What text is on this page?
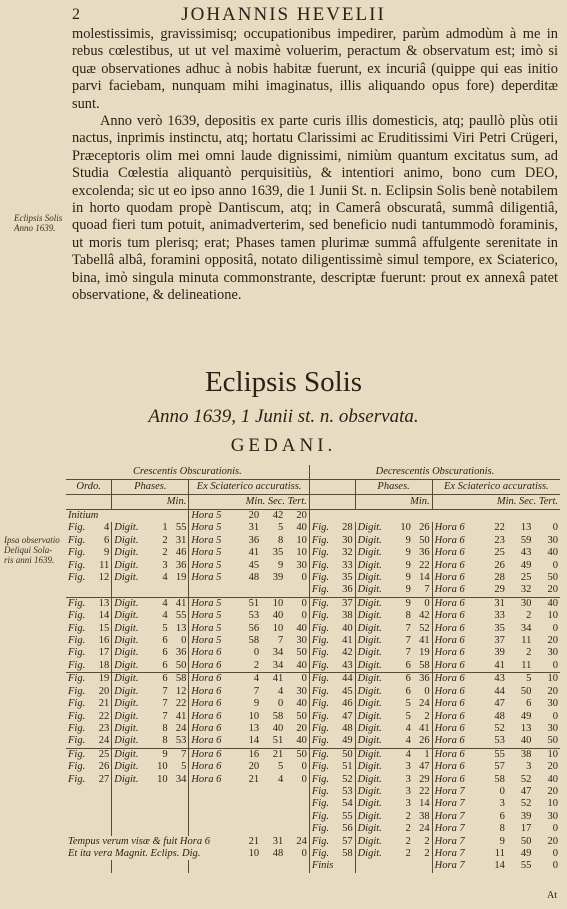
2	JOHANNIS HEVELII

molestissimis, gravissimisq; occupationibus impedirer, parùm admodùm à me in rebus cœlestibus, ut ut vel maximè voluerim, peractum & observatum est; imò si quæ observationes adhuc à nobis habitæ fuerunt, ex incuriâ (quippe qui eas initio parvi faciebam, nunquam mihi imaginatus, illis aliquando opus fore) deperditæ sunt.

Anno verò 1639, depositis ex parte curis illis domesticis, atq; paullò plùs otii nactus, inprimis instinctu, atq; hortatu Clarissimi ac Eruditissimi Viri Petri Crügeri, Præceptoris olim mei omni laude dignissimi, nimiùm quantum excitatus sum, ad Studia Cœlestia aliquantò perquisitiùs, & intentiori animo, bono cum DEO, excolenda; sic ut eo ipso anno 1639, die 1 Junii St. n. Eclipsin Solis benè notabilem in horto quodam propè Dantiscum, atq; in Camerâ obscuratâ, summâ diligentiâ, quoad fieri tum potuit, animadverterim, sed beneficio nudi tantummodò foraminis, ut moris tum plerisq; erat; Phases tamen plurimæ summâ affulgente serenitate in Tabellâ albâ, foramini oppositâ, notato diligentissimè simul tempore, ex Sciaterico, bina, imò singula minuta commonstrante, descriptæ fuerunt: prout ex annexâ patet observatione, & delineatione.

Eclipsis Solis
Anno 1639.
Eclipsis Solis
Anno 1639, 1 Junii st. n. observata.
GEDANI.
Ipsa observatio
Deliqui Sola-
ris anni 1639.
Crescentis Obscurationis.									Decrescentis Obscurationis.								
Ordo.		Phases.			Ex Sciaterico accuratiss.						Phases.			Ex Sciaterico accuratiss.			
		Min.			Min. Sec. Tert.						Min.			Min. Sec. Tert.			
Initium					Hora 5	20	42	20									
Fig.	4	Digit.	1	55	Hora 5	31	5	40	Fig.	28	Digit.	10	26	Hora 6	22	13	0
Fig.	6	Digit.	2	31	Hora 5	36	8	10	Fig.	30	Digit.	9	50	Hora 6	23	59	30
Fig.	9	Digit.	2	46	Hora 5	41	35	10	Fig.	32	Digit.	9	36	Hora 6	25	43	40
Fig.	11	Digit.	3	36	Hora 5	45	9	30	Fig.	33	Digit.	9	22	Hora 6	26	49	0
Fig.	12	Digit.	4	19	Hora 5	48	39	0	Fig.	35	Digit.	9	14	Hora 6	28	25	50
									Fig.	36	Digit.	9	7	Hora 6	29	32	20
Fig.	13	Digit.	4	41	Hora 5	51	10	0	Fig.	37	Digit.	9	0	Hora 6	31	30	40
Fig.	14	Digit.	4	55	Hora 5	53	40	0	Fig.	38	Digit.	8	42	Hora 6	33	2	10
Fig.	15	Digit.	5	13	Hora 5	56	10	40	Fig.	40	Digit.	7	52	Hora 6	35	34	0
Fig.	16	Digit.	6	0	Hora 5	58	7	30	Fig.	41	Digit.	7	41	Hora 6	37	11	20
Fig.	17	Digit.	6	36	Hora 6	0	34	50	Fig.	42	Digit.	7	19	Hora 6	39	2	30
Fig.	18	Digit.	6	50	Hora 6	2	34	40	Fig.	43	Digit.	6	58	Hora 6	41	11	0
Fig.	19	Digit.	6	58	Hora 6	4	41	0	Fig.	44	Digit.	6	36	Hora 6	43	5	10
Fig.	20	Digit.	7	12	Hora 6	7	4	30	Fig.	45	Digit.	6	0	Hora 6	44	50	20
Fig.	21	Digit.	7	22	Hora 6	9	0	40	Fig.	46	Digit.	5	24	Hora 6	47	6	30
Fig.	22	Digit.	7	41	Hora 6	10	58	50	Fig.	47	Digit.	5	2	Hora 6	48	49	0
Fig.	23	Digit.	8	24	Hora 6	13	40	20	Fig.	48	Digit.	4	41	Hora 6	52	13	30
Fig.	24	Digit.	8	53	Hora 6	14	51	40	Fig.	49	Digit.	4	26	Hora 6	53	40	50
Fig.	25	Digit.	9	7	Hora 6	16	21	50	Fig.	50	Digit.	4	1	Hora 6	55	38	10
Fig.	26	Digit.	10	5	Hora 6	20	5	0	Fig.	51	Digit.	3	47	Hora 6	57	3	20
Fig.	27	Digit.	10	34	Hora 6	21	4	0	Fig.	52	Digit.	3	29	Hora 6	58	52	40
									Fig.	53	Digit.	3	22	Hora 7	0	47	20
									Fig.	54	Digit.	3	14	Hora 7	3	52	10
									Fig.	55	Digit.	2	38	Hora 7	6	39	30
									Fig.	56	Digit.	2	24	Hora 7	8	17	0
Tempus verum visæ & fuit Hora 6						21	31	24	Fig.	57	Digit.	2	2	Hora 7	9	50	20
Et ita vera Magnit. Eclips. Dig.						10	48	0	Fig.	58	Digit.	2	2	Hora 7	11	49	0
									Finis					Hora 7	14	55	0
At
